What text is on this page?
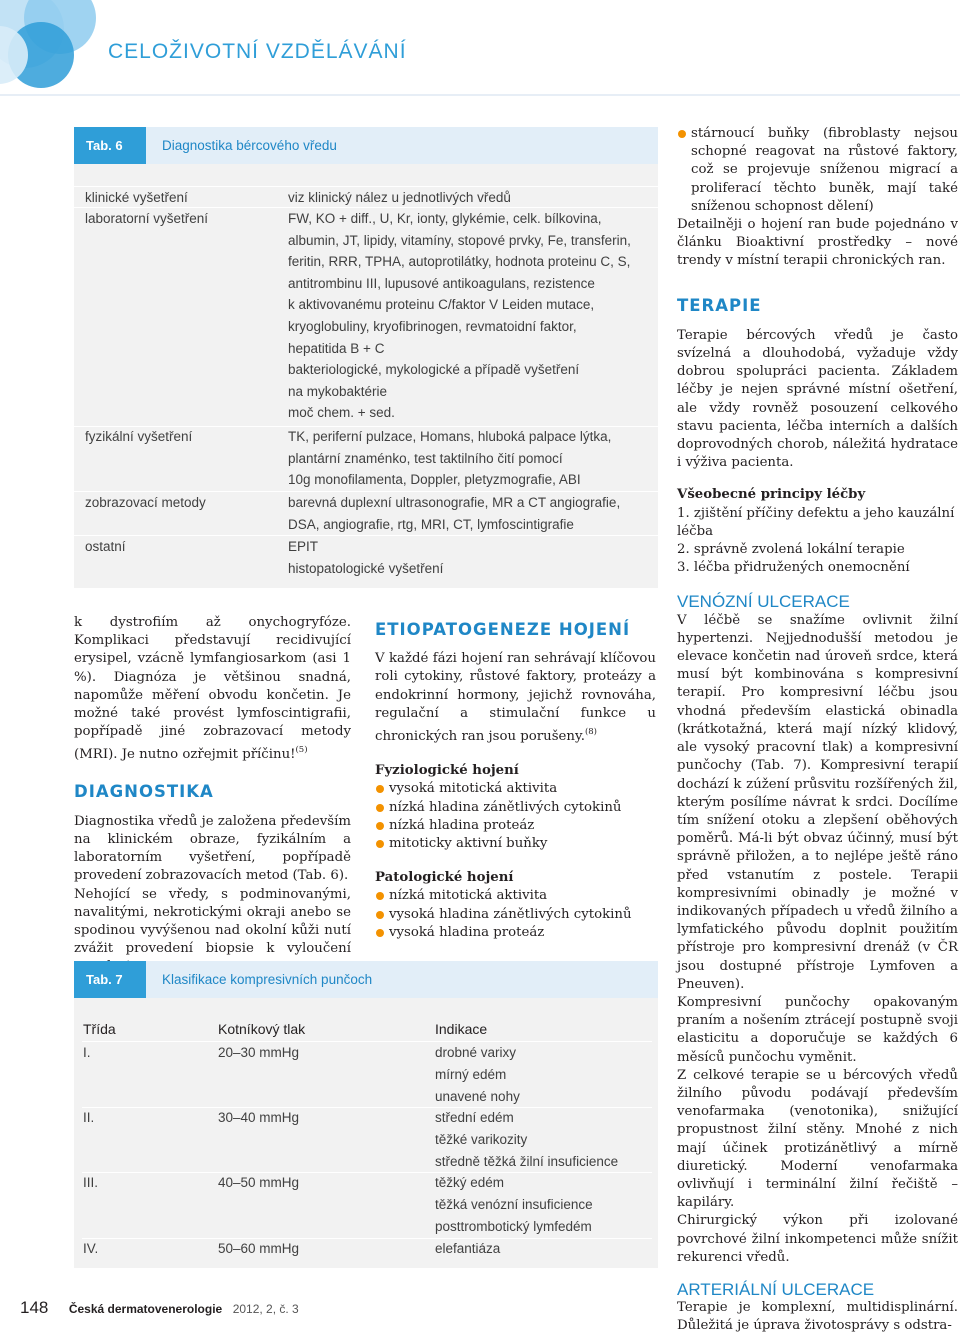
CELOŽIVOTNÍ VZDĚLÁVÁNÍ
Tab. 6	Diagnostika bércového vředu
klinické vyšetření	viz klinický nález u jednotlivých vředů
laboratorní vyšetření	FW, KO + diff., U, Kr, ionty, glykémie, celk. bílkovina,
albumin, JT, lipidy, vitamíny, stopové prvky, Fe, transferin,
feritin, RRR, TPHA, autoprotilátky, hodnota proteinu C, S,
antitrombinu III, lupusové antikoagulans, rezistence
k aktivovanému proteinu C/faktor V Leiden mutace,
kryoglobuliny, kryofibrinogen, revmatoidní faktor,
hepatitida B + C
bakteriologické, mykologické a případě vyšetření
na mykobaktérie
moč chem. + sed.
fyzikální vyšetření	TK, periferní pulzace, Homans, hluboká palpace lýtka,
plantární znaménko, test taktilního čití pomocí
10g monofilamenta, Doppler, pletyzmografie, ABI
zobrazovací metody	barevná duplexní ultrasonografie, MR a CT angiografie,
DSA, angiografie, rtg, MRI, CT, lymfoscintigrafie
ostatní	EPIT
histopatologické vyšetření

k dystrofiím až onychogryfóze. Komplikaci představují recidivující erysipel, vzácně lymfangiosarkom (asi 1 %). Diagnóza je většinou snadná, napomůže měření obvodu končetin. Je možné také provést lymfoscintigrafii, popřípadě jiné zobrazovací metody (MRI). Je nutno ozřejmit příčinu!$^{(5)}$

DIAGNOSTIKA

Diagnostika vředů je založena především na klinickém obraze, fyzikálním a laboratorním vyšetření, popřípadě provedení zobrazovacích metod (Tab. 6).

Nehojící se vředy, s podminovanými, navalitými, nekrotickými okraji anebo se spodinou vyvýšenou nad okolní kůži nutí zvážit provedení biopsie k vyloučení

ETIOPATOGENEZE HOJENÍ

V každé fázi hojení ran sehrávají klíčovou roli cytokiny, růstové faktory, proteázy a endokrinní hormony, jejichž rovnováha, regulační a stimulační funkce u chronických ran jsou porušeny.$^{(8)}$

Fyziologické hojení

vysoká mitotická aktivita

nízká hladina zánětlivých cytokinů

nízká hladina proteáz

mitoticky aktivní buňky

Patologické hojení

nízká mitotická aktivita

vysoká hladina zánětlivých cytokinů

vysoká hladina proteáz

Tab. 7	Klasifikace kompresivních punčoch
Třída	Kotníkový tlak	Indikace
I.	20–30 mmHg	drobné varixy
mírný edém
unavené nohy
II.	30–40 mmHg	střední edém
těžké varikozity
středně těžká žilní insuficience
III.	40–50 mmHg	těžký edém
těžká venózní insuficience
posttrombotický lymfedém
IV.	50–60 mmHg	elefantiáza

stárnoucí buňky (fibroblasty nejsou schopné reagovat na růstové faktory, což se projevuje sníženou migrací a proliferací těchto buněk, mají také sníženou schopnost dělení)

Detailněji o hojení ran bude pojednáno v článku Bioaktivní prostředky – nové trendy v místní terapii chronických ran.

TERAPIE

Terapie bércových vředů je často svízelná a dlouhodobá, vyžaduje vždy dobrou spolupráci pacienta. Základem léčby je nejen správné místní ošetření, ale vždy rovněž posouzení celkového stavu pacienta, léčba interních a dalších doprovodných chorob, náležitá hydratace i výživa pacienta.

Všeobecné principy léčby

1. zjištění příčiny defektu a jeho kauzální léčba

2. správně zvolená lokální terapie

3. léčba přidružených onemocnění

VENÓZNÍ ULCERACE

V léčbě se snažíme ovlivnit žilní hypertenzi. Nejjednodušší metodou je elevace končetin nad úroveň srdce, která musí být kombinována s kompresivní terapií. Pro kompresivní léčbu jsou vhodná především elastická obinadla (krátkotažná, která mají nízký klidový, ale vysoký pracovní tlak) a kompresivní punčochy (Tab. 7). Kompresivní terapií dochází k zúžení průsvitu rozšířených žil, kterým posílíme návrat k srdci. Docílíme tím snížení otoku a zlepšení oběhových poměrů. Má-li být obvaz účinný, musí být správně přiložen, a to nejlépe ještě ráno před vstanutím z postele. Terapii kompresivními obinadly je možné v indikovaných případech u vředů žilního a lymfatického původu doplnit použitím přístroje pro kompresivní drenáž (v ČR jsou dostupné přístroje Lymfoven a Pneuven).

Kompresivní punčochy opakovaným praním a nošením ztrácejí postupně svoji elasticitu a doporučuje se každých 6 měsíců punčochu vyměnit.

Z celkové terapie se u bércových vředů žilního původu podávají především venofarmaka (venotonika), snižující propustnost žilní stěny. Mnohé z nich mají účinek protizánětlivý a mírně diuretický. Moderní venofarmaka ovlivňují i terminální žilní řečiště – kapiláry.

Chirurgický výkon při izolované povrchové žilní inkompetenci může snížit rekurenci vředů.

ARTERIÁLNÍ ULCERACE

Terapie je komplexní, multidisplinární. Důležitá je úprava životosprávy s odstra-

148 Česká dermatovenerologie 2012, 2, č. 3
